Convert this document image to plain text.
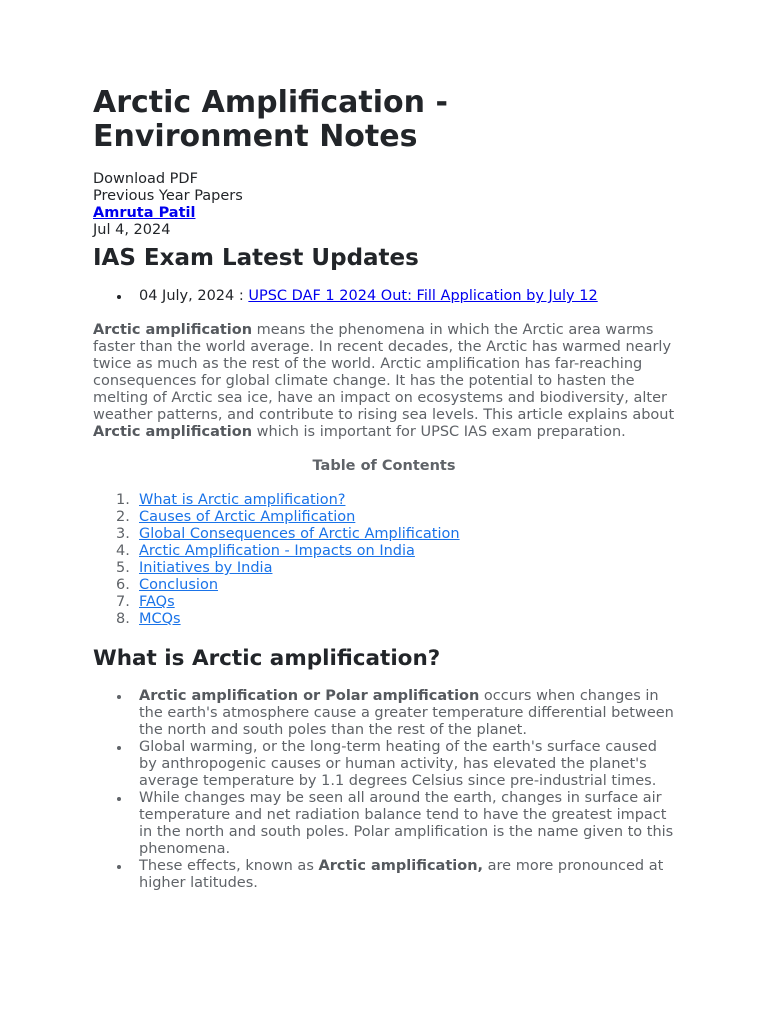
Arctic Amplification - Environment Notes
Download PDF
Previous Year Papers
Amruta Patil
Jul 4, 2024
IAS Exam Latest Updates
04 July, 2024 : UPSC DAF 1 2024 Out: Fill Application by July 12

Arctic amplification means the phenomena in which the Arctic area warms faster than the world average. In recent decades, the Arctic has warmed nearly twice as much as the rest of the world. Arctic amplification has far-reaching consequences for global climate change. It has the potential to hasten the melting of Arctic sea ice, have an impact on ecosystems and biodiversity, alter weather patterns, and contribute to rising sea levels. This article explains about Arctic amplification which is important for UPSC IAS exam preparation.

Table of Contents
What is Arctic amplification?
Causes of Arctic Amplification
Global Consequences of Arctic Amplification
Arctic Amplification - Impacts on India
Initiatives by India
Conclusion
FAQs
MCQs
What is Arctic amplification?
Arctic amplification or Polar amplification occurs when changes in the earth's atmosphere cause a greater temperature differential between the north and south poles than the rest of the planet.
Global warming, or the long-term heating of the earth's surface caused by anthropogenic causes or human activity, has elevated the planet's average temperature by 1.1 degrees Celsius since pre-industrial times.
While changes may be seen all around the earth, changes in surface air temperature and net radiation balance tend to have the greatest impact in the north and south poles. Polar amplification is the name given to this phenomena.
These effects, known as Arctic amplification, are more pronounced at higher latitudes.
